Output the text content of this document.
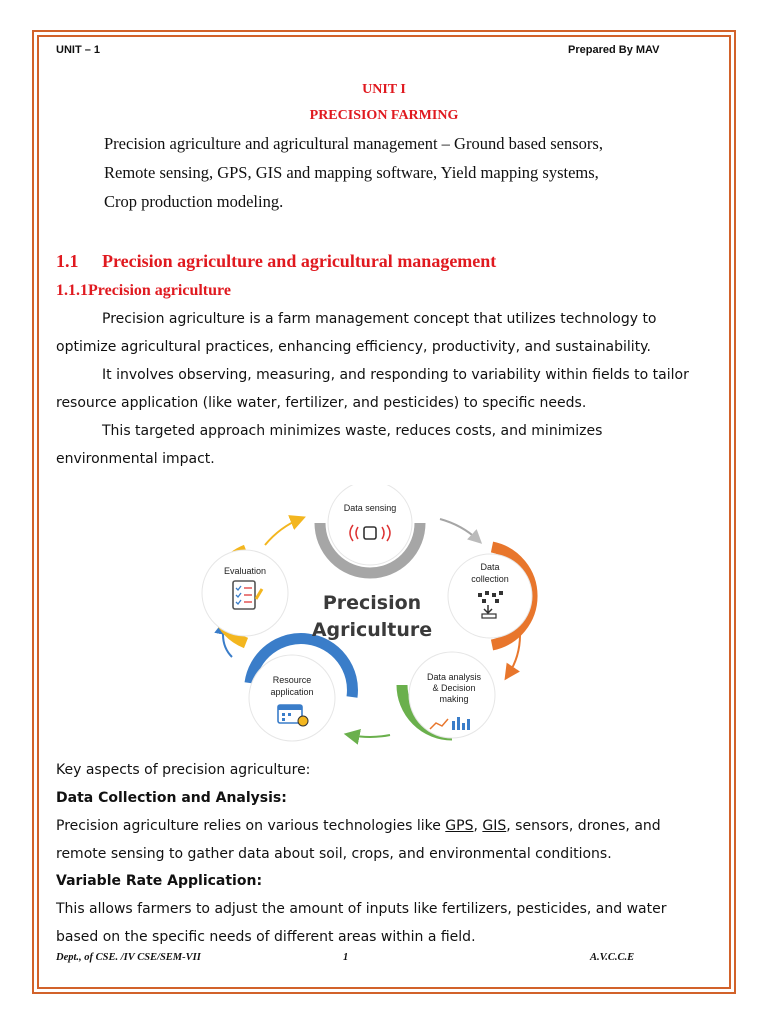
UNIT – 1	Prepared By MAV
UNIT I
PRECISION FARMING
Precision agriculture and agricultural management – Ground based sensors,
Remote sensing, GPS, GIS and mapping software, Yield mapping systems,
Crop production modeling.
1.1 Precision agriculture and agricultural management
1.1.1Precision agriculture
Precision agriculture is a farm management concept that utilizes technology to
optimize agricultural practices, enhancing efficiency, productivity, and sustainability.
It involves observing, measuring, and responding to variability within fields to tailor
resource application (like water, fertilizer, and pesticides) to specific needs.
This targeted approach minimizes waste, reduces costs, and minimizes
environmental impact.
Data sensing
Data
collection
Data analysis
& Decision
making
Resource
application
Evaluation
Precision
Agriculture
Key aspects of precision agriculture:
Data Collection and Analysis:
Precision agriculture relies on various technologies like GPS, GIS, sensors, drones, and
remote sensing to gather data about soil, crops, and environmental conditions.
Variable Rate Application:
This allows farmers to adjust the amount of inputs like fertilizers, pesticides, and water
based on the specific needs of different areas within a field.
Dept., of CSE. /IV CSE/SEM-VII	1	A.V.C.C.E
